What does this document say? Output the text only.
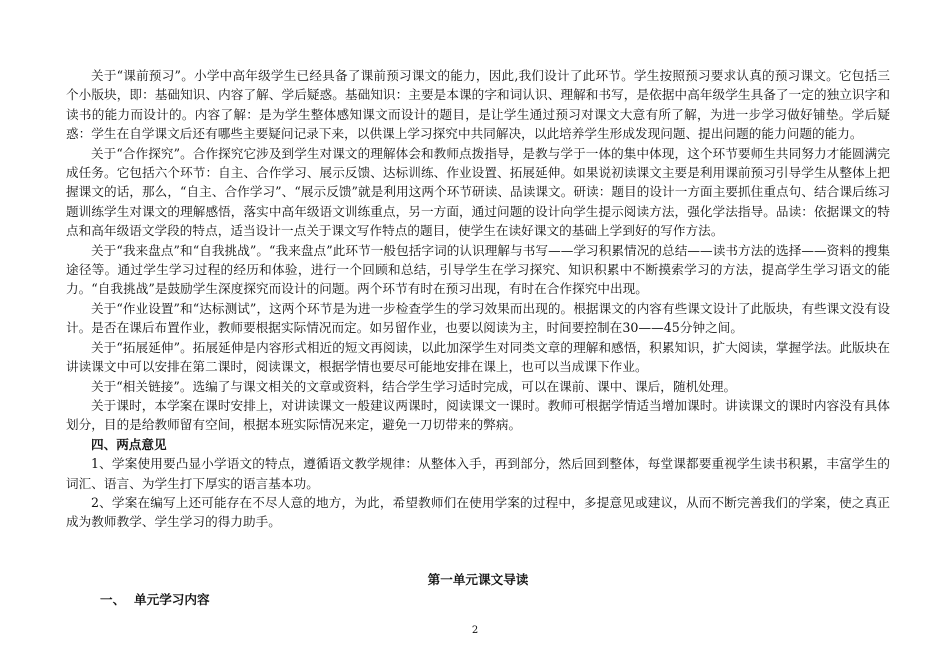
关于“课前预习”。小学中高年级学生已经具备了课前预习课文的能力，因此,我们设计了此环节。学生按照预习要求认真的预习课文。它包括三个小版块，即：基础知识、内容了解、学后疑惑。基础知识：主要是本课的字和词认识、理解和书写，是依据中高年级学生具备了一定的独立识字和读书的能力而设计的。内容了解：是为学生整体感知课文而设计的题目，是让学生通过预习对课文大意有所了解，为进一步学习做好铺垫。学后疑惑：学生在自学课文后还有哪些主要疑问记录下来，以供课上学习探究中共同解决，以此培养学生形成发现问题、提出问题的能力问题的能力。

关于“合作探究”。合作探究它涉及到学生对课文的理解体会和教师点拨指导，是教与学于一体的集中体现，这个环节要师生共同努力才能圆满完成任务。它包括六个环节：自主、合作学习、展示反馈、达标训练、作业设置、拓展延伸。如果说初读课文主要是利用课前预习引导学生从整体上把握课文的话，那么，“自主、合作学习”、“展示反馈”就是利用这两个环节研读、品读课文。研读：题目的设计一方面主要抓住重点句、结合课后练习题训练学生对课文的理解感悟，落实中高年级语文训练重点，另一方面，通过问题的设计向学生提示阅读方法，强化学法指导。品读：依据课文的特点和高年级语文学段的特点，适当设计一点关于课文写作特点的题目，使学生在读好课文的基础上学到好的写作方法。

关于“我来盘点”和“自我挑战”。“我来盘点”此环节一般包括字词的认识理解与书写——学习积累情况的总结——读书方法的选择——资料的搜集途径等。通过学生学习过程的经历和体验，进行一个回顾和总结，引导学生在学习探究、知识积累中不断摸索学习的方法，提高学生学习语文的能力。“自我挑战”是鼓励学生深度探究而设计的问题。两个环节有时在预习出现，有时在合作探究中出现。

关于“作业设置”和“达标测试”，这两个环节是为进一步检查学生的学习效果而出现的。根据课文的内容有些课文设计了此版块，有些课文没有设计。是否在课后布置作业，教师要根据实际情况而定。如另留作业，也要以阅读为主，时间要控制在30——45分钟之间。

关于“拓展延伸”。拓展延伸是内容形式相近的短文再阅读，以此加深学生对同类文章的理解和感悟，积累知识，扩大阅读，掌握学法。此版块在讲读课文中可以安排在第二课时，阅读课文，根据学情也要尽可能地安排在课上，也可以当成课下作业。

关于“相关链接”。选编了与课文相关的文章或资料，结合学生学习适时完成，可以在课前、课中、课后，随机处理。

关于课时，本学案在课时安排上，对讲读课文一般建议两课时，阅读课文一课时。教师可根据学情适当增加课时。讲读课文的课时内容没有具体划分，目的是给教师留有空间，根据本班实际情况来定，避免一刀切带来的弊病。

四、两点意见

1、学案使用要凸显小学语文的特点，遵循语文教学规律：从整体入手，再到部分，然后回到整体，每堂课都要重视学生读书积累，丰富学生的词汇、语言、为学生打下厚实的语言基本功。

2、学案在编写上还可能存在不尽人意的地方，为此，希望教师们在使用学案的过程中，多提意见或建议，从而不断完善我们的学案，使之真正成为教师教学、学生学习的得力助手。

第一单元课文导读

一、 单元学习内容

2
